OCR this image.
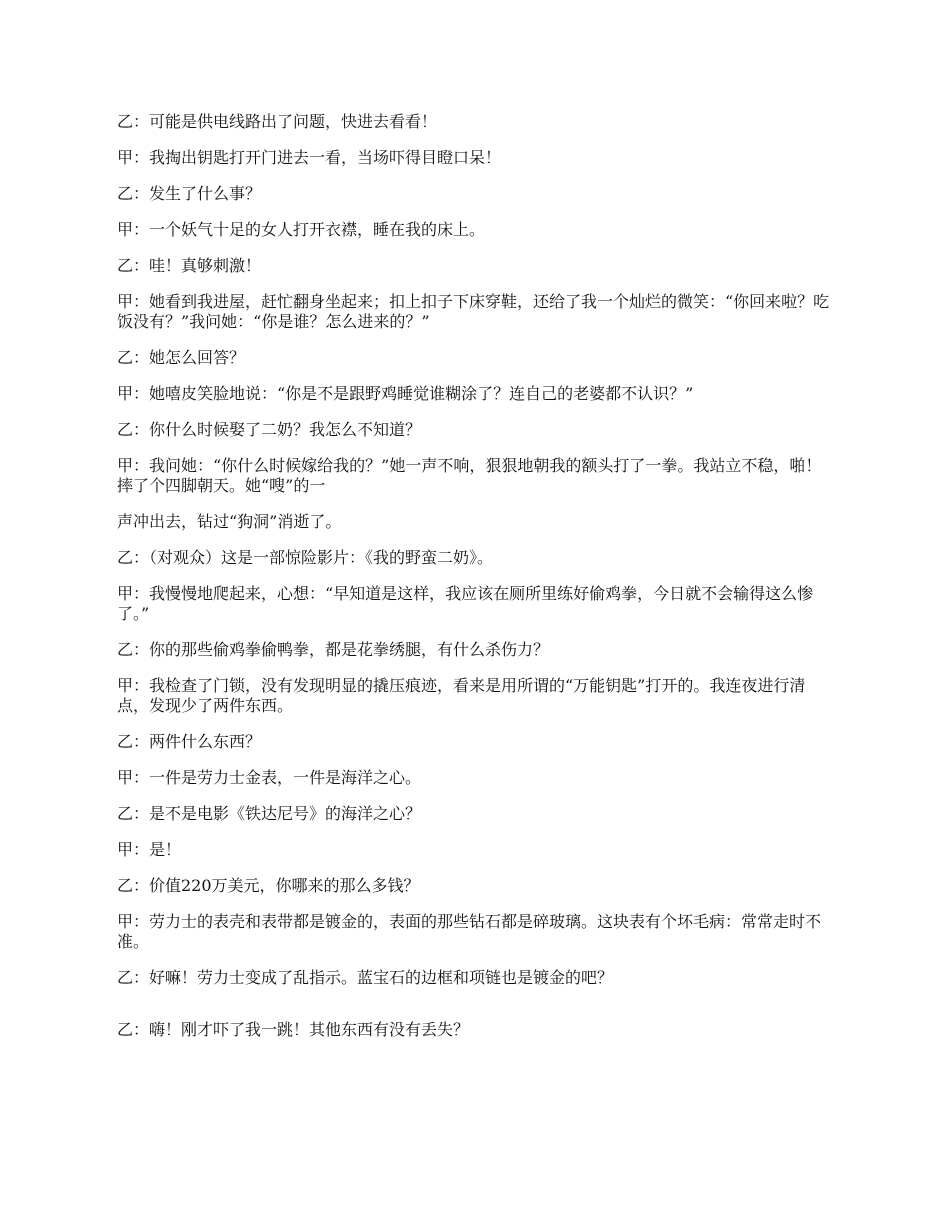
乙：可能是供电线路出了问题，快进去看看！

甲：我掏出钥匙打开门进去一看，当场吓得目瞪口呆！

乙：发生了什么事？

甲：一个妖气十足的女人打开衣襟，睡在我的床上。

乙：哇！真够刺激！

甲：她看到我进屋，赶忙翻身坐起来；扣上扣子下床穿鞋，还给了我一个灿烂的微笑：“你回来啦？吃饭没有？”我问她：“你是谁？怎么进来的？”

乙：她怎么回答？

甲：她嘻皮笑脸地说：“你是不是跟野鸡睡觉谁糊涂了？连自己的老婆都不认识？”

乙：你什么时候娶了二奶？我怎么不知道？

甲：我问她：“你什么时候嫁给我的？”她一声不响，狠狠地朝我的额头打了一拳。我站立不稳，啪！摔了个四脚朝天。她“嗖”的一

声冲出去，钻过“狗洞”消逝了。

乙：（对观众）这是一部惊险影片：《我的野蛮二奶》。

甲：我慢慢地爬起来，心想：“早知道是这样，我应该在厕所里练好偷鸡拳，今日就不会输得这么惨了。”

乙：你的那些偷鸡拳偷鸭拳，都是花拳绣腿，有什么杀伤力？

甲：我检查了门锁，没有发现明显的撬压痕迹，看来是用所谓的“万能钥匙”打开的。我连夜进行清点，发现少了两件东西。

乙：两件什么东西？

甲：一件是劳力士金表，一件是海洋之心。

乙：是不是电影《铁达尼号》的海洋之心？

甲：是！

乙：价值220万美元，你哪来的那么多钱？

甲：劳力士的表壳和表带都是镀金的，表面的那些钻石都是碎玻璃。这块表有个坏毛病：常常走时不准。

乙：好嘛！劳力士变成了乱指示。蓝宝石的边框和项链也是镀金的吧？

乙：嗨！刚才吓了我一跳！其他东西有没有丢失？
